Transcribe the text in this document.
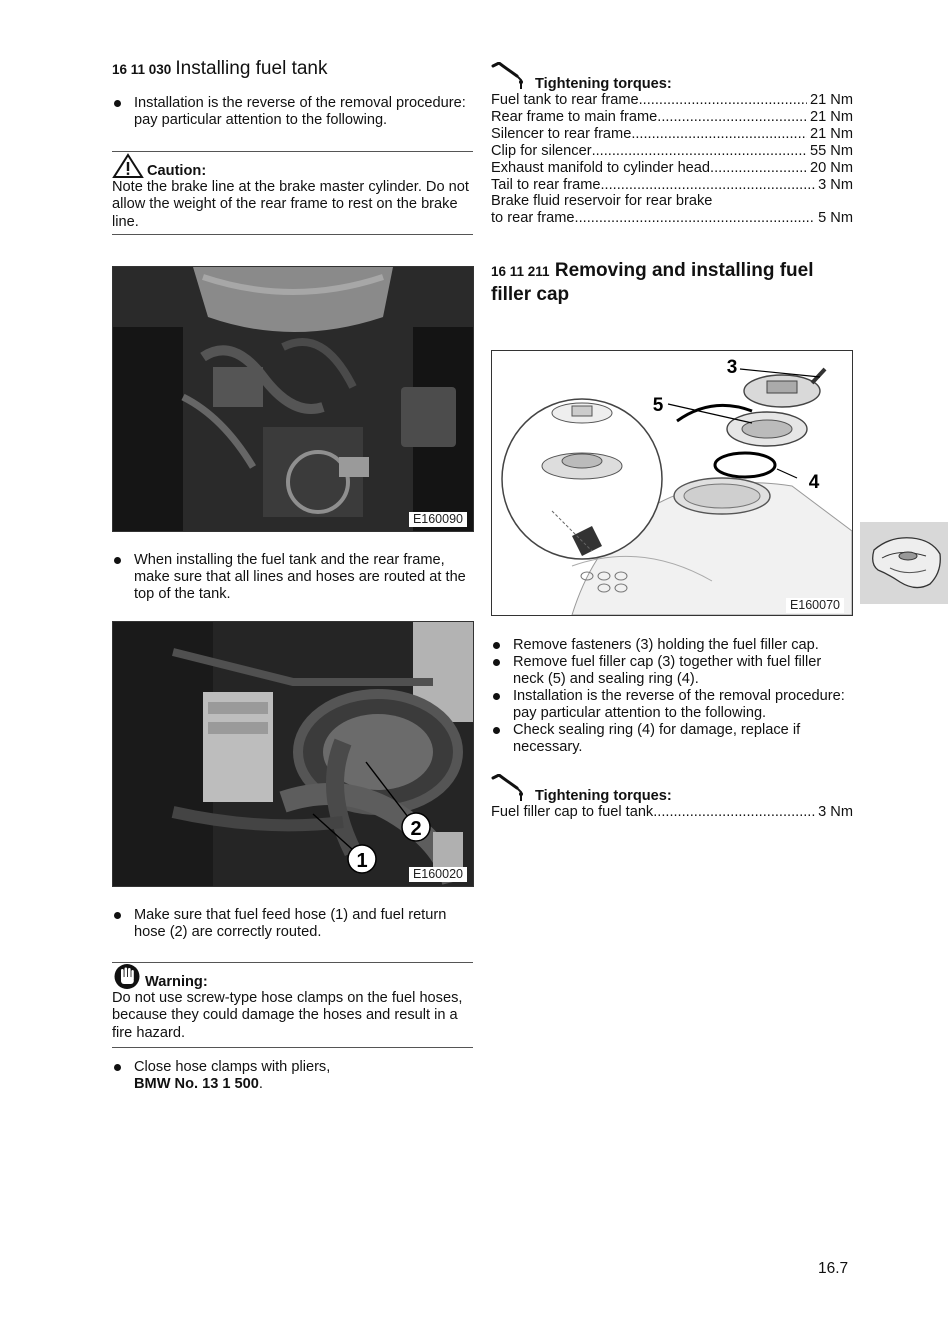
16 11 030 Installing fuel tank
Installation is the reverse of the removal procedure: pay particular attention to the following.
Caution:
Note the brake line at the brake master cylinder. Do not allow the weight of the rear frame to rest on the brake line.
E160090
When installing the fuel tank and the rear frame, make sure that all lines and hoses are routed at the top of the tank.
1
2
E160020
Make sure that fuel feed hose (1) and fuel return hose (2) are correctly routed.
Warning:
Do not use screw-type hose clamps on the fuel hoses, because they could damage the hoses and result in a fire hazard.
Close hose clamps with pliers,
BMW No. 13 1 500.
Tightening torques:
Fuel tank to rear frame .....	21 Nm
Rear frame to main frame .....	21 Nm
Silencer to rear frame .....	21 Nm
Clip for silencer .....	55 Nm
Exhaust manifold to cylinder head .....	20 Nm
Tail to rear frame .....	3 Nm
Brake fluid reservoir for rear brake
to rear frame .....	5 Nm
16 11 211 Removing and installing fuel
filler cap
3
5
4
E160070
Remove fasteners (3) holding the fuel filler cap.
Remove fuel filler cap (3) together with fuel filler neck (5) and sealing ring (4).
Installation is the reverse of the removal procedure: pay particular attention to the following.
Check sealing ring (4) for damage, replace if necessary.
Tightening torques:
Fuel filler cap to fuel tank .....	3 Nm
16.7
